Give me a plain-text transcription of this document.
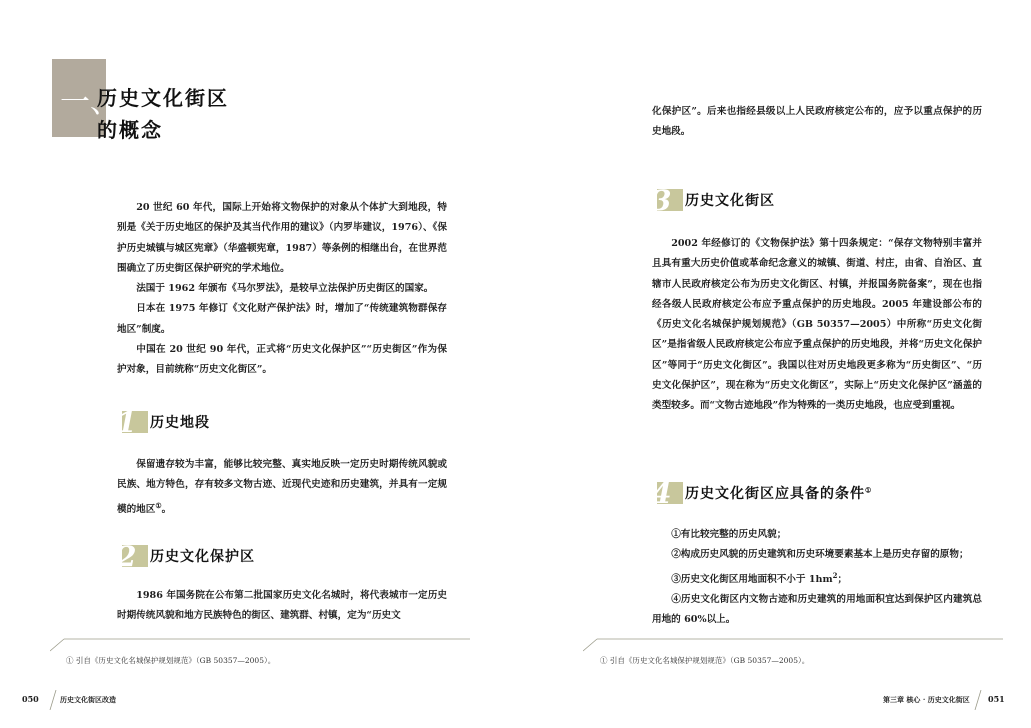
一、
历史文化街区
的概念

20 世纪 60 年代，国际上开始将文物保护的对象从个体扩大到地段，特别是《关于历史地区的保护及其当代作用的建议》（内罗毕建议，1976）、《保护历史城镇与城区宪章》（华盛顿宪章，1987）等条例的相继出台，在世界范围确立了历史街区保护研究的学术地位。

法国于 1962 年颁布《马尔罗法》，是较早立法保护历史街区的国家。

日本在 1975 年修订《文化财产保护法》时，增加了“传统建筑物群保存地区”制度。

中国在 20 世纪 90 年代，正式将“历史文化保护区”“历史街区”作为保护对象，目前统称“历史文化街区”。

1 历史地段

保留遗存较为丰富，能够比较完整、真实地反映一定历史时期传统风貌或民族、地方特色，存有较多文物古迹、近现代史迹和历史建筑，并具有一定规模的地区①。

2 历史文化保护区

1986 年国务院在公布第二批国家历史文化名城时，将代表城市一定历史时期传统风貌和地方民族特色的街区、建筑群、村镇，定为“历史文

① 引自《历史文化名城保护规划规范》（GB 50357—2005）。
050	历史文化街区改造

化保护区”。后来也指经县级以上人民政府核定公布的，应予以重点保护的历史地段。

3 历史文化街区

2002 年经修订的《文物保护法》第十四条规定：“保存文物特别丰富并且具有重大历史价值或革命纪念意义的城镇、街道、村庄，由省、自治区、直辖市人民政府核定公布为历史文化街区、村镇，并报国务院备案”，现在也指经各级人民政府核定公布应予重点保护的历史地段。2005 年建设部公布的《历史文化名城保护规划规范》（GB 50357—2005）中所称“历史文化街区”是指省级人民政府核定公布应予重点保护的历史地段，并将“历史文化保护区”等同于“历史文化街区”。我国以往对历史地段更多称为“历史街区”、“历史文化保护区”，现在称为“历史文化街区”，实际上“历史文化保护区”涵盖的类型较多。而“文物古迹地段”作为特殊的一类历史地段，也应受到重视。

4 历史文化街区应具备的条件①

①有比较完整的历史风貌；

②构成历史风貌的历史建筑和历史环境要素基本上是历史存留的原物；

③历史文化街区用地面积不小于 $1hm^2$；

④历史文化街区内文物古迹和历史建筑的用地面积宜达到保护区内建筑总用地的 60%以上。

① 引自《历史文化名城保护规划规范》（GB 50357—2005）。
第三章 核心 · 历史文化街区 051
